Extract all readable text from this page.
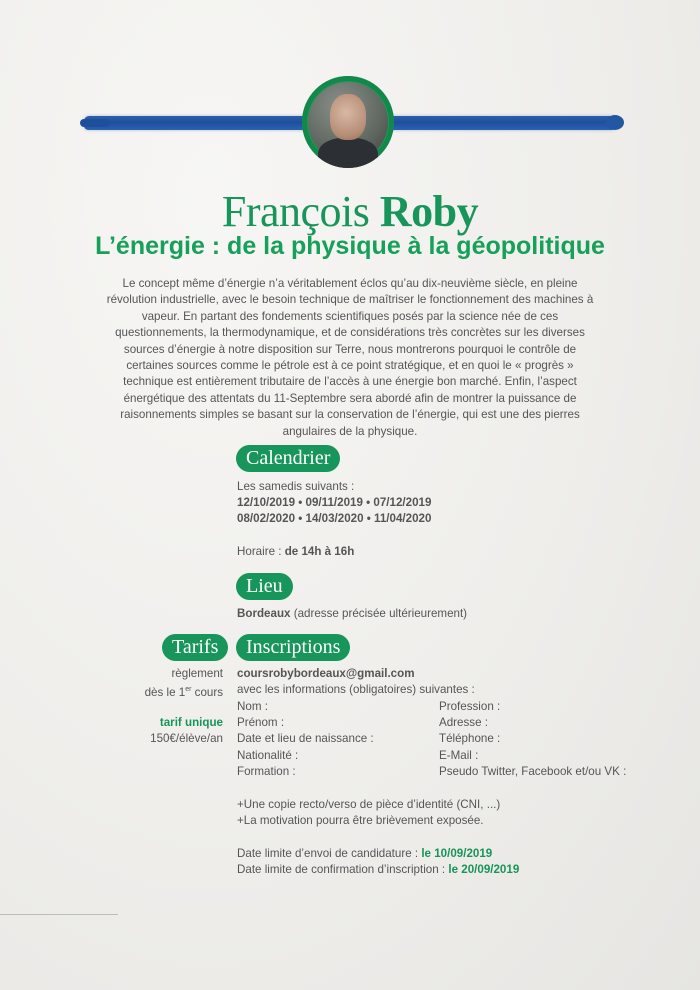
François Roby
L’énergie : de la physique à la géopolitique
Le concept même d’énergie n’a véritablement éclos qu’au dix-neuvième siècle, en pleine révolution industrielle, avec le besoin technique de maîtriser le fonctionnement des machines à vapeur. En partant des fondements scientifiques posés par la science née de ces questionnements, la thermodynamique, et de considérations très concrètes sur les diverses sources d’énergie à notre disposition sur Terre, nous montrerons pourquoi le contrôle de certaines sources comme le pétrole est à ce point stratégique, et en quoi le « progrès » technique est entièrement tributaire de l’accès à une énergie bon marché. Enfin, l’aspect énergétique des attentats du 11-Septembre sera abordé afin de montrer la puissance de raisonnements simples se basant sur la conservation de l’énergie, qui est une des pierres angulaires de la physique.
Calendrier
Les samedis suivants :
12/10/2019 • 09/11/2019 • 07/12/2019
08/02/2020 • 14/03/2020 • 11/04/2020
Horaire : de 14h à 16h
Lieu
Bordeaux (adresse précisée ultérieurement)
Tarifs
règlement
dès le 1er cours
tarif unique
150€/élève/an
Inscriptions
coursrobybordeaux@gmail.com
avec les informations (obligatoires) suivantes :
Nom :
Prénom :
Date et lieu de naissance :
Nationalité :
Formation :
Profession :
Adresse :
Téléphone :
E-Mail :
Pseudo Twitter, Facebook et/ou VK :
+Une copie recto/verso de pièce d’identité (CNI, ...)
+La motivation pourra être brièvement exposée.
Date limite d’envoi de candidature : le 10/09/2019
Date limite de confirmation d’inscription : le 20/09/2019
